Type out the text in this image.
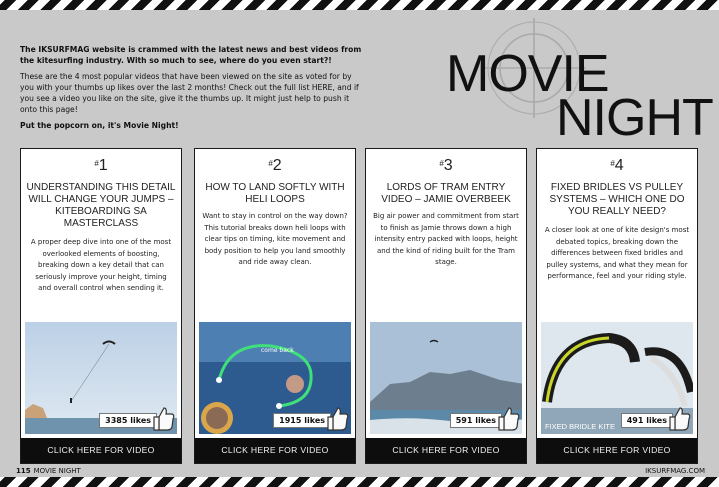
The IKSURFMAG website is crammed with the latest news and best videos from the kitesurfing industry. With so much to see, where do you even start?!

These are the 4 most popular videos that have been viewed on the site as voted for by you with your thumbs up likes over the last 2 months! Check out the full list HERE, and if you see a video you like on the site, give it the thumbs up. It might just help to push it onto this page!

Put the popcorn on, it's Movie Night!

MOVIE
NIGHT
#1
UNDERSTANDING THIS DETAIL WILL CHANGE YOUR JUMPS – KITEBOARDING SA MASTERCLASS
A proper deep dive into one of the most overlooked elements of boosting, breaking down a key detail that can seriously improve your height, timing and overall control when sending it.
3385 likes
CLICK HERE FOR VIDEO
#2
HOW TO LAND SOFTLY WITH HELI LOOPS
Want to stay in control on the way down? This tutorial breaks down heli loops with clear tips on timing, kite movement and body position to help you land smoothly and ride away clean.
come back
1915 likes
CLICK HERE FOR VIDEO
#3
LORDS OF TRAM ENTRY VIDEO – JAMIE OVERBEEK
Big air power and commitment from start to finish as Jamie throws down a high intensity entry packed with loops, height and the kind of riding built for the Tram stage.
591 likes
CLICK HERE FOR VIDEO
#4
FIXED BRIDLES VS PULLEY SYSTEMS – WHICH ONE DO YOU REALLY NEED?
A closer look at one of kite design's most debated topics, breaking down the differences between fixed bridles and pulley systems, and what they mean for performance, feel and your riding style.
FIXED BRIDLE KITE
491 likes
CLICK HERE FOR VIDEO
115 MOVIE NIGHT	IKSURFMAG.COM
